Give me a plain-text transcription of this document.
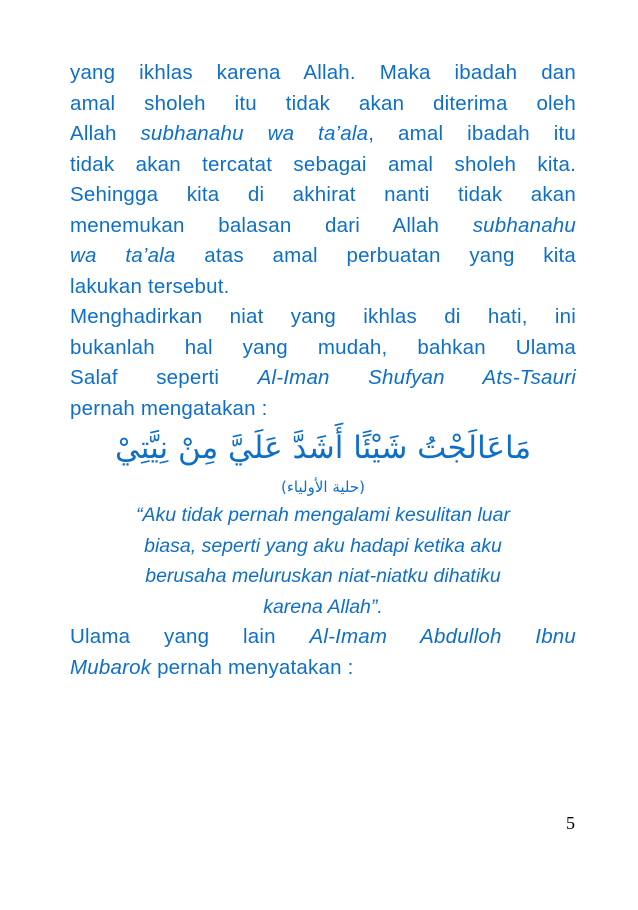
yang ikhlas karena Allah. Maka ibadah dan
amal sholeh itu tidak akan diterima oleh
Allah subhanahu wa ta’ala, amal ibadah itu
tidak akan tercatat sebagai amal sholeh kita.
Sehingga kita di akhirat nanti tidak akan
menemukan balasan dari Allah subhanahu
wa ta’ala atas amal perbuatan yang kita
lakukan tersebut.
Menghadirkan niat yang ikhlas di hati, ini
bukanlah hal yang mudah, bahkan Ulama
Salaf seperti Al-Iman Shufyan Ats-Tsauri
pernah mengatakan :
مَاعَالَجْتُ شَيْئًا أَشَدَّ عَلَيَّ مِنْ نِيَّتِيْ
(حلية الأولياء)

“Aku tidak pernah mengalami kesulitan luar

biasa, seperti yang aku hadapi ketika aku

berusaha meluruskan niat-niatku dihatiku

karena Allah”.

Ulama yang lain Al-Imam Abdulloh Ibnu
Mubarok pernah menyatakan :
5
